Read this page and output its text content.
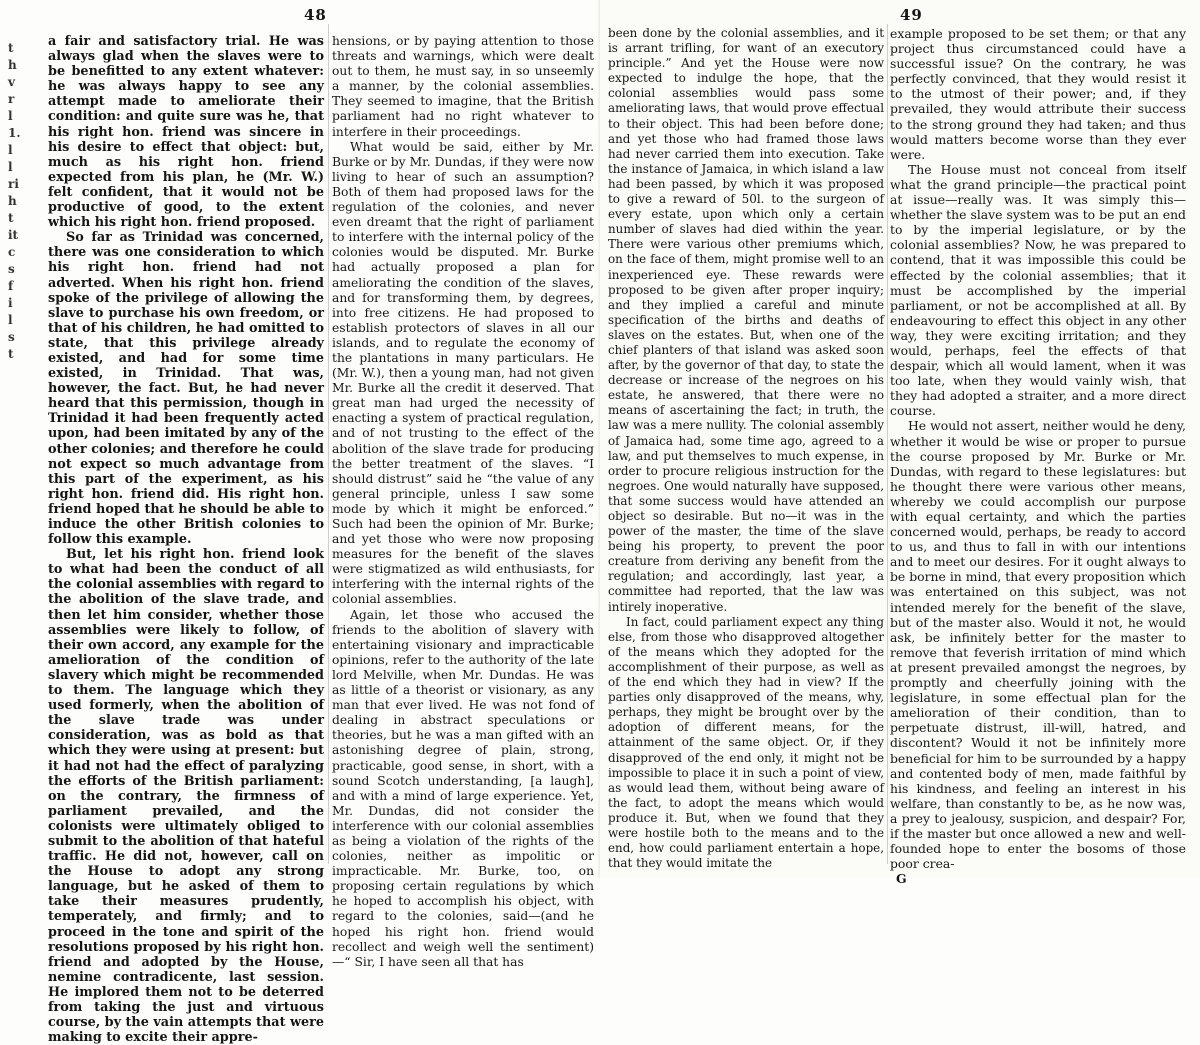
48
t
h
v
r
l
1.
l
l
ri
h
t
it
c
s
f
i
l
s
t

a fair and satisfactory trial. He was always glad when the slaves were to be benefitted to any extent whatever: he was always happy to see any attempt made to ameliorate their condition: and quite sure was he, that his right hon. friend was sincere in his desire to effect that object: but, much as his right hon. friend expected from his plan, he (Mr. W.) felt confident, that it would not be productive of good, to the extent which his right hon. friend proposed.

So far as Trinidad was concerned, there was one consideration to which his right hon. friend had not adverted. When his right hon. friend spoke of the privilege of allowing the slave to purchase his own freedom, or that of his children, he had omitted to state, that this privilege already existed, and had for some time existed, in Trinidad. That was, however, the fact. But, he had never heard that this permission, though in Trinidad it had been frequently acted upon, had been imitated by any of the other colonies; and therefore he could not expect so much advantage from this part of the experiment, as his right hon. friend did. His right hon. friend hoped that he should be able to induce the other British colonies to follow this example.

But, let his right hon. friend look to what had been the conduct of all the colonial assemblies with regard to the abolition of the slave trade, and then let him consider, whether those assemblies were likely to follow, of their own accord, any example for the amelioration of the condition of slavery which might be recommended to them. The language which they used formerly, when the abolition of the slave trade was under consideration, was as bold as that which they were using at present: but it had not had the effect of paralyzing the efforts of the British parliament: on the contrary, the firmness of parliament prevailed, and the colonists were ultimately obliged to submit to the abolition of that hateful traffic. He did not, however, call on the House to adopt any strong language, but he asked of them to take their measures prudently, temperately, and firmly; and to proceed in the tone and spirit of the resolutions proposed by his right hon. friend and adopted by the House, nemine contradicente, last session. He implored them not to be deterred from taking the just and virtuous course, by the vain attempts that were making to excite their appre-

hensions, or by paying attention to those threats and warnings, which were dealt out to them, he must say, in so unseemly a manner, by the colonial assemblies. They seemed to imagine, that the British parliament had no right whatever to interfere in their proceedings.

What would be said, either by Mr. Burke or by Mr. Dundas, if they were now living to hear of such an assumption? Both of them had proposed laws for the regulation of the colonies, and never even dreamt that the right of parliament to interfere with the internal policy of the colonies would be disputed. Mr. Burke had actually proposed a plan for ameliorating the condition of the slaves, and for transforming them, by degrees, into free citizens. He had proposed to establish protectors of slaves in all our islands, and to regulate the economy of the plantations in many particulars. He (Mr. W.), then a young man, had not given Mr. Burke all the credit it deserved. That great man had urged the necessity of enacting a system of practical regulation, and of not trusting to the effect of the abolition of the slave trade for producing the better treatment of the slaves. “I should distrust” said he “the value of any general principle, unless I saw some mode by which it might be enforced.” Such had been the opinion of Mr. Burke; and yet those who were now proposing measures for the benefit of the slaves were stigmatized as wild enthusiasts, for interfering with the internal rights of the colonial assemblies.

Again, let those who accused the friends to the abolition of slavery with entertaining visionary and impracticable opinions, refer to the authority of the late lord Melville, when Mr. Dundas. He was as little of a theorist or visionary, as any man that ever lived. He was not fond of dealing in abstract speculations or theories, but he was a man gifted with an astonishing degree of plain, strong, practicable, good sense, in short, with a sound Scotch understanding, [a laugh], and with a mind of large experience. Yet, Mr. Dundas, did not consider the interference with our colonial assemblies as being a violation of the rights of the colonies, neither as impolitic or impracticable. Mr. Burke, too, on proposing certain regulations by which he hoped to accomplish his object, with regard to the colonies, said—(and he hoped his right hon. friend would recollect and weigh well the sentiment)—“ Sir, I have seen all that has

49

been done by the colonial assemblies, and it is arrant trifling, for want of an executory principle.” And yet the House were now expected to indulge the hope, that the colonial assemblies would pass some ameliorating laws, that would prove effectual to their object. This had been before done; and yet those who had framed those laws had never carried them into execution. Take the instance of Jamaica, in which island a law had been passed, by which it was proposed to give a reward of 50l. to the surgeon of every estate, upon which only a certain number of slaves had died within the year. There were various other premiums which, on the face of them, might promise well to an inexperienced eye. These rewards were proposed to be given after proper inquiry; and they implied a careful and minute specification of the births and deaths of slaves on the estates. But, when one of the chief planters of that island was asked soon after, by the governor of that day, to state the decrease or increase of the negroes on his estate, he answered, that there were no means of ascertaining the fact; in truth, the law was a mere nullity. The colonial assembly of Jamaica had, some time ago, agreed to a law, and put themselves to much expense, in order to procure religious instruction for the negroes. One would naturally have supposed, that some success would have attended an object so desirable. But no—it was in the power of the master, the time of the slave being his property, to prevent the poor creature from deriving any benefit from the regulation; and accordingly, last year, a committee had reported, that the law was intirely inoperative.

In fact, could parliament expect any thing else, from those who disapproved altogether of the means which they adopted for the accomplishment of their purpose, as well as of the end which they had in view? If the parties only disapproved of the means, why, perhaps, they might be brought over by the adoption of different means, for the attainment of the same object. Or, if they disapproved of the end only, it might not be impossible to place it in such a point of view, as would lead them, without being aware of the fact, to adopt the means which would produce it. But, when we found that they were hostile both to the means and to the end, how could parliament entertain a hope, that they would imitate the

example proposed to be set them; or that any project thus circumstanced could have a successful issue? On the contrary, he was perfectly convinced, that they would resist it to the utmost of their power; and, if they prevailed, they would attribute their success to the strong ground they had taken; and thus would matters become worse than they ever were.

The House must not conceal from itself what the grand principle—the practical point at issue—really was. It was simply this—whether the slave system was to be put an end to by the imperial legislature, or by the colonial assemblies? Now, he was prepared to contend, that it was impossible this could be effected by the colonial assemblies; that it must be accomplished by the imperial parliament, or not be accomplished at all. By endeavouring to effect this object in any other way, they were exciting irritation; and they would, perhaps, feel the effects of that despair, which all would lament, when it was too late, when they would vainly wish, that they had adopted a straiter, and a more direct course.

He would not assert, neither would he deny, whether it would be wise or proper to pursue the course proposed by Mr. Burke or Mr. Dundas, with regard to these legislatures: but he thought there were various other means, whereby we could accomplish our purpose with equal certainty, and which the parties concerned would, perhaps, be ready to accord to us, and thus to fall in with our intentions and to meet our desires. For it ought always to be borne in mind, that every proposition which was entertained on this subject, was not intended merely for the benefit of the slave, but of the master also. Would it not, he would ask, be infinitely better for the master to remove that feverish irritation of mind which at present prevailed amongst the negroes, by promptly and cheerfully joining with the legislature, in some effectual plan for the amelioration of their condition, than to perpetuate distrust, ill-will, hatred, and discontent? Would it not be infinitely more beneficial for him to be surrounded by a happy and contented body of men, made faithful by his kindness, and feeling an interest in his welfare, than constantly to be, as he now was, a prey to jealousy, suspicion, and despair? For, if the master but once allowed a new and well-founded hope to enter the bosoms of those poor crea-

G
